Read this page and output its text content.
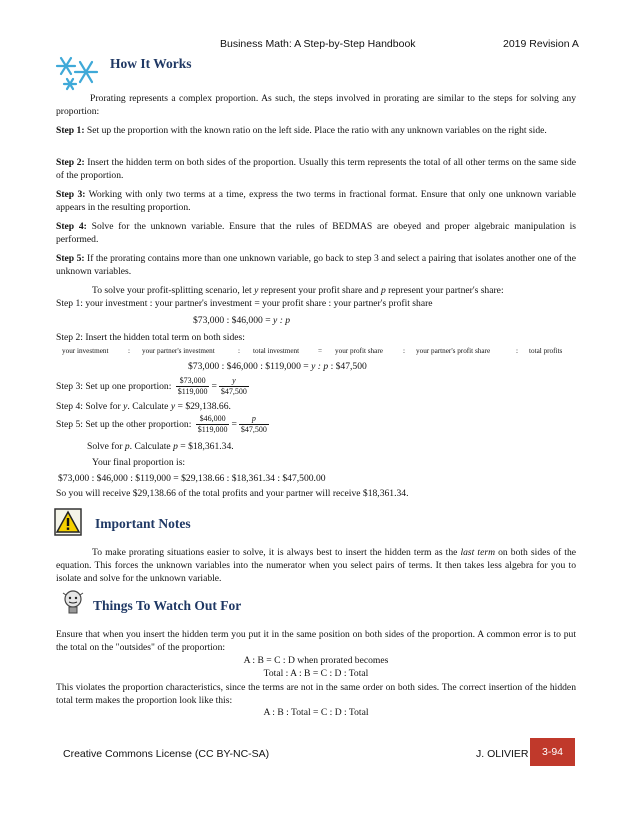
Business Math: A Step-by-Step Handbook	2019 Revision A
How It Works
Prorating represents a complex proportion. As such, the steps involved in prorating are similar to the steps for solving any proportion:
Step 1: Set up the proportion with the known ratio on the left side. Place the ratio with any unknown variables on the right side.
Step 2: Insert the hidden term on both sides of the proportion. Usually this term represents the total of all other terms on the same side of the proportion.
Step 3: Working with only two terms at a time, express the two terms in fractional format. Ensure that only one unknown variable appears in the resulting proportion.
Step 4: Solve for the unknown variable. Ensure that the rules of BEDMAS are obeyed and proper algebraic manipulation is performed.
Step 5: If the prorating contains more than one unknown variable, go back to step 3 and select a pairing that isolates another one of the unknown variables.
To solve your profit-splitting scenario, let y represent your profit share and p represent your partner's share:
Step 1: your investment : your partner's investment = your profit share : your partner's profit share
$73,000 : $46,000 = y : p
Step 2: Insert the hidden total term on both sides:
your investment	: your partner's investment	: total investment	= your profit share	: your partner's profit share	: total profits
$73,000 : $46,000 : $119,000 = y : p : $47,500
Step 3: Set up one proportion: $\frac{\$73,000}{\$119,000} = \frac{y}{\$47,500}$
Step 4: Solve for y. Calculate y = $29,138.66.
Step 5: Set up the other proportion: $\frac{\$46,000}{\$119,000} = \frac{p}{\$47,500}$
Solve for p. Calculate p = $18,361.34.
Your final proportion is:
$73,000 : $46,000 : $119,000 = $29,138.66 : $18,361.34 : $47,500.00
So you will receive $29,138.66 of the total profits and your partner will receive $18,361.34.
Important Notes
To make prorating situations easier to solve, it is always best to insert the hidden term as the last term on both sides of the equation. This forces the unknown variables into the numerator when you select pairs of terms. It then takes less algebra for you to isolate and solve for the unknown variable.
Things To Watch Out For
Ensure that when you insert the hidden term you put it in the same position on both sides of the proportion. A common error is to put the total on the "outsides" of the proportion:
A : B = C : D when prorated becomes
Total : A : B = C : D : Total
This violates the proportion characteristics, since the terms are not in the same order on both sides. The correct insertion of the hidden total term makes the proportion look like this:
A : B : Total = C : D : Total
Creative Commons License (CC BY-NC-SA)	J. OLIVIER	3-94
